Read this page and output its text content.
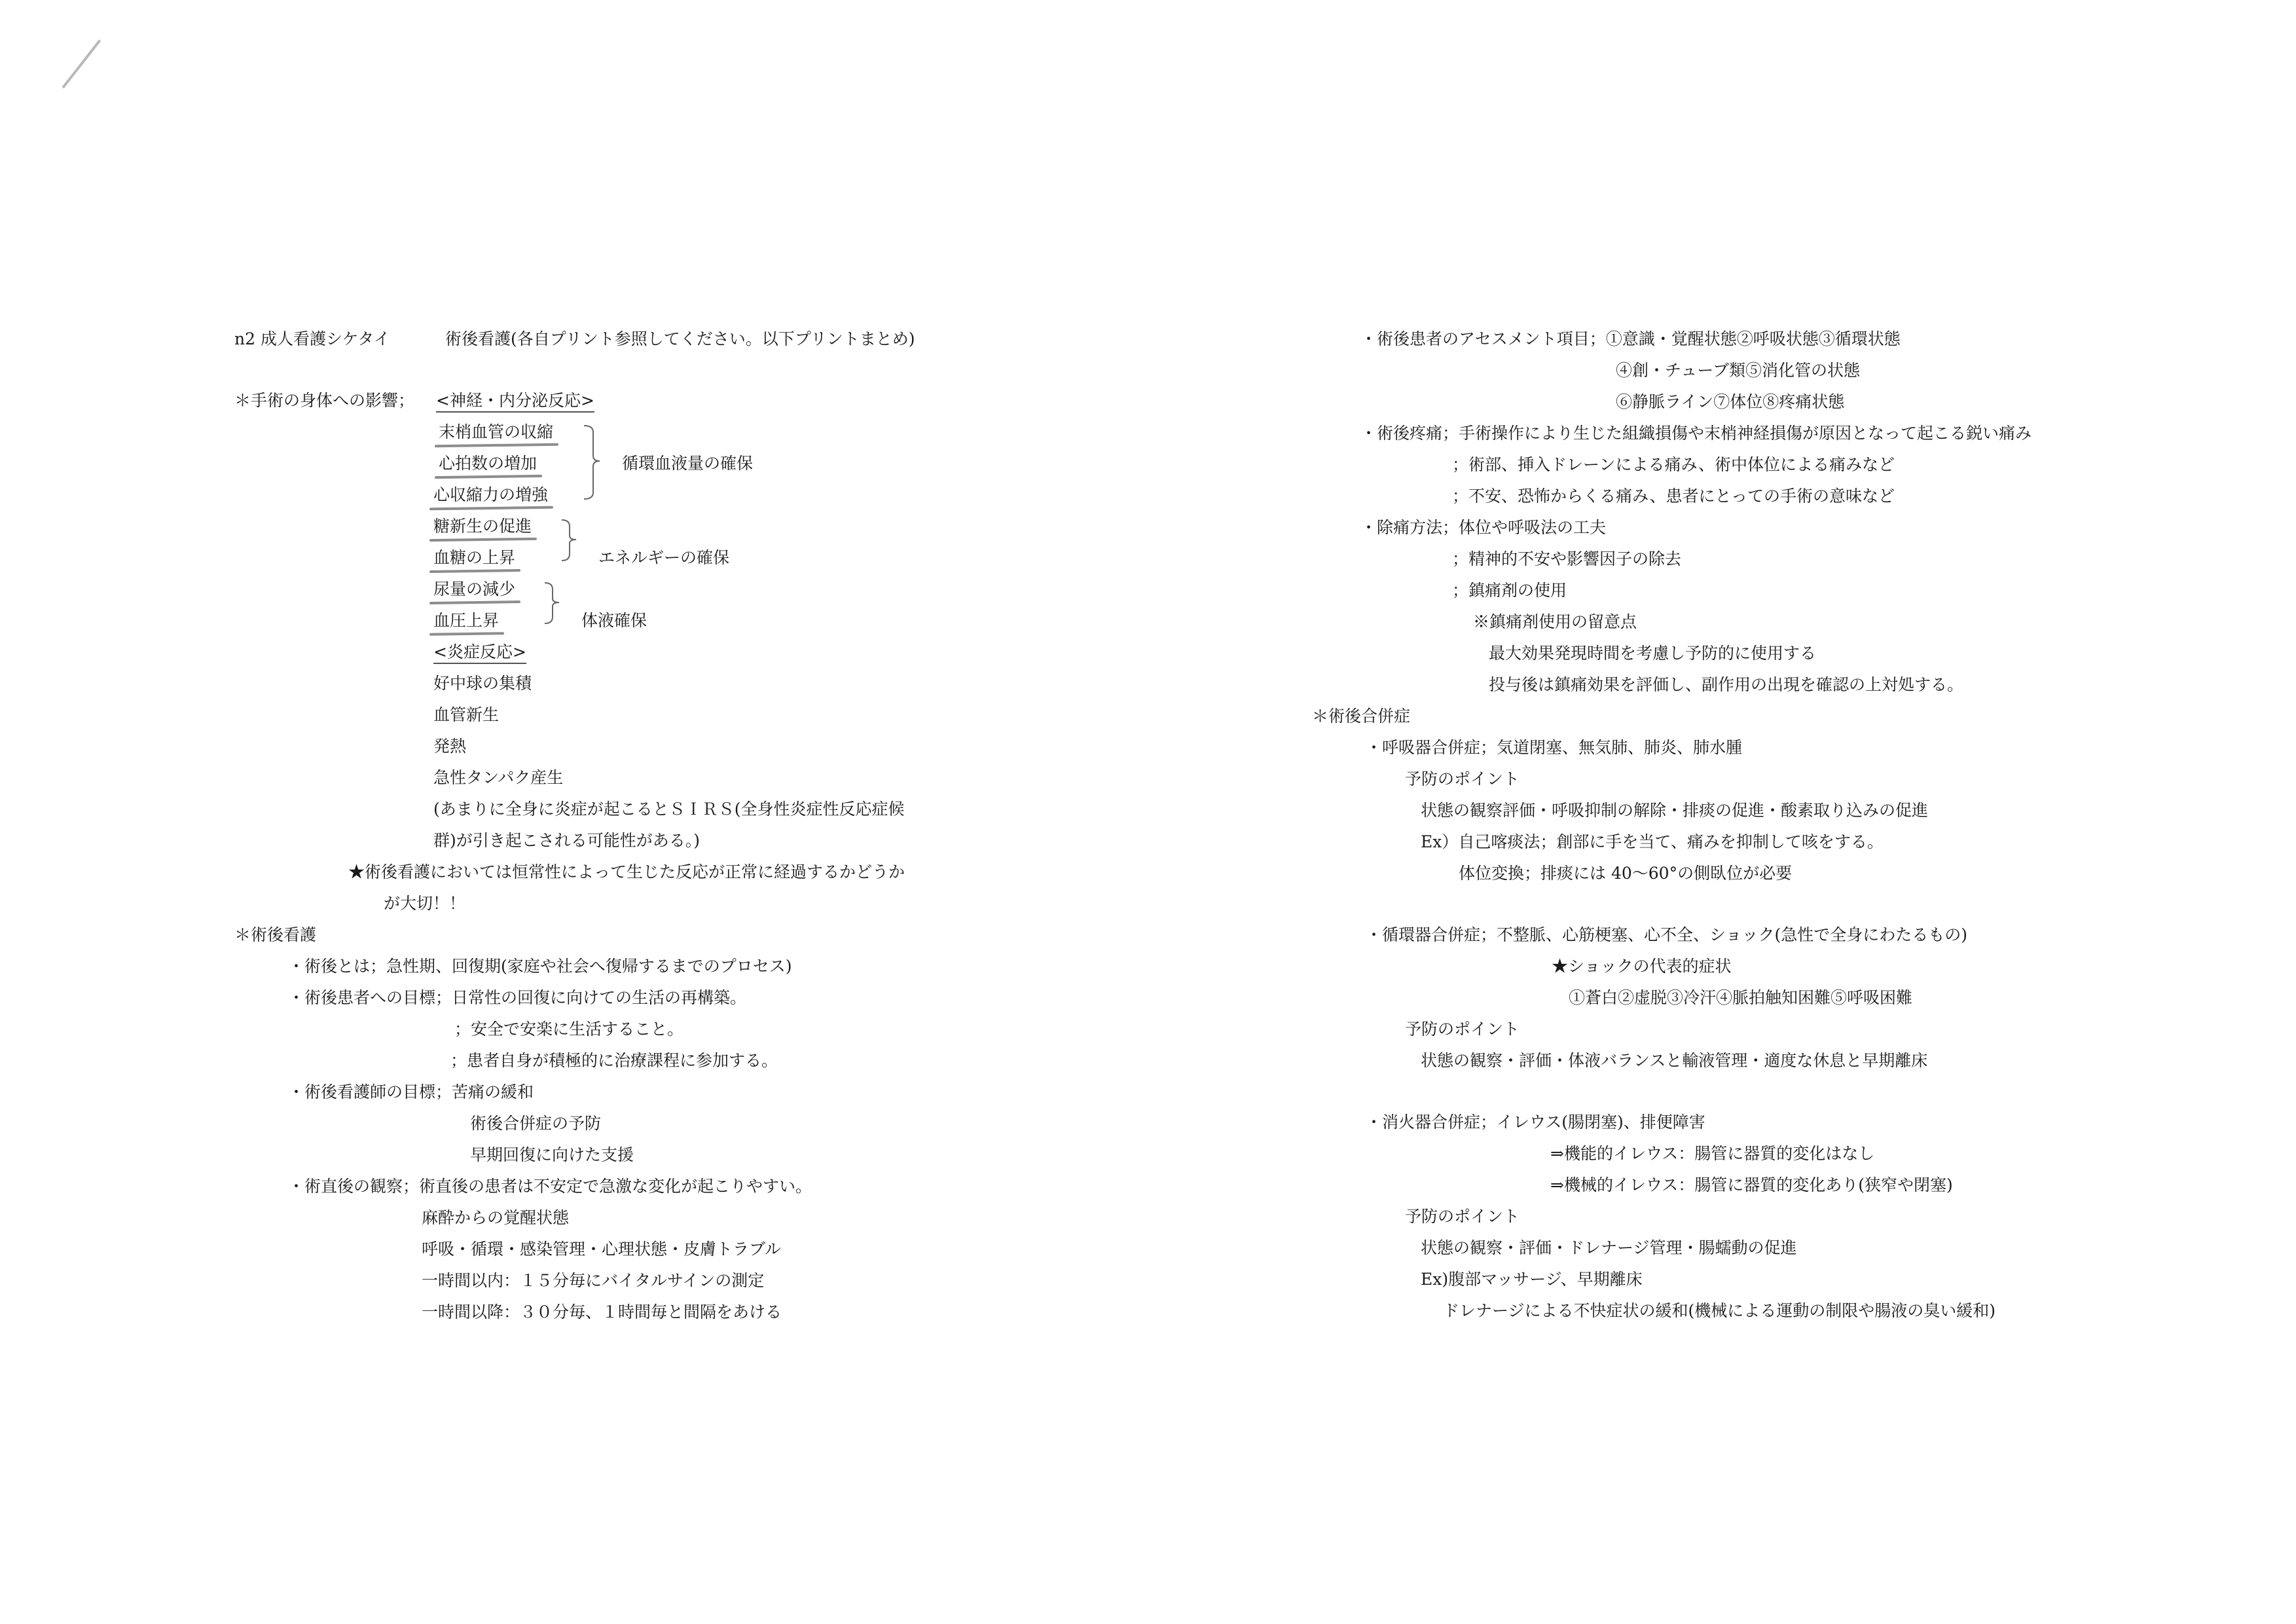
n2 成人看護シケタイ	術後看護(各自プリント参照してください。以下プリントまとめ)
＊手術の身体への影響； <神経・内分泌反応>
末梢血管の収縮
心拍数の増加
心収縮力の増強
循環血液量の確保
糖新生の促進
血糖の上昇	エネルギーの確保
尿量の減少
血圧上昇	体液確保
<炎症反応>
好中球の集積
血管新生
発熱
急性タンパク産生
(あまりに全身に炎症が起こるとＳＩＲＳ(全身性炎症性反応症候
群)が引き起こされる可能性がある。)
★術後看護においては恒常性によって生じた反応が正常に経過するかどうか
が大切！！
＊術後看護
・術後とは；急性期、回復期(家庭や社会へ復帰するまでのプロセス)
・術後患者への目標；日常性の回復に向けての生活の再構築。
；安全で安楽に生活すること。
；患者自身が積極的に治療課程に参加する。
・術後看護師の目標；苦痛の緩和
術後合併症の予防
早期回復に向けた支援
・術直後の観察；術直後の患者は不安定で急激な変化が起こりやすい。
麻酔からの覚醒状態
呼吸・循環・感染管理・心理状態・皮膚トラブル
一時間以内：１５分毎にバイタルサインの測定
一時間以降：３０分毎、１時間毎と間隔をあける
・術後患者のアセスメント項目；①意識・覚醒状態②呼吸状態③循環状態
④創・チューブ類⑤消化管の状態
⑥静脈ライン⑦体位⑧疼痛状態
・術後疼痛；手術操作により生じた組織損傷や末梢神経損傷が原因となって起こる鋭い痛み
；術部、挿入ドレーンによる痛み、術中体位による痛みなど
；不安、恐怖からくる痛み、患者にとっての手術の意味など
・除痛方法；体位や呼吸法の工夫
；精神的不安や影響因子の除去
；鎮痛剤の使用
※鎮痛剤使用の留意点
最大効果発現時間を考慮し予防的に使用する
投与後は鎮痛効果を評価し、副作用の出現を確認の上対処する。
＊術後合併症
・呼吸器合併症；気道閉塞、無気肺、肺炎、肺水腫
予防のポイント
状態の観察評価・呼吸抑制の解除・排痰の促進・酸素取り込みの促進
Ex）自己喀痰法；創部に手を当て、痛みを抑制して咳をする。
体位変換；排痰には 40～60°の側臥位が必要
・循環器合併症；不整脈、心筋梗塞、心不全、ショック(急性で全身にわたるもの)
★ショックの代表的症状
①蒼白②虚脱③冷汗④脈拍触知困難⑤呼吸困難
予防のポイント
状態の観察・評価・体液バランスと輸液管理・適度な休息と早期離床
・消火器合併症；イレウス(腸閉塞)、排便障害
⇒機能的イレウス：腸管に器質的変化はなし
⇒機械的イレウス：腸管に器質的変化あり(狭窄や閉塞)
予防のポイント
状態の観察・評価・ドレナージ管理・腸蠕動の促進
Ex)腹部マッサージ、早期離床
ドレナージによる不快症状の緩和(機械による運動の制限や腸液の臭い緩和)
